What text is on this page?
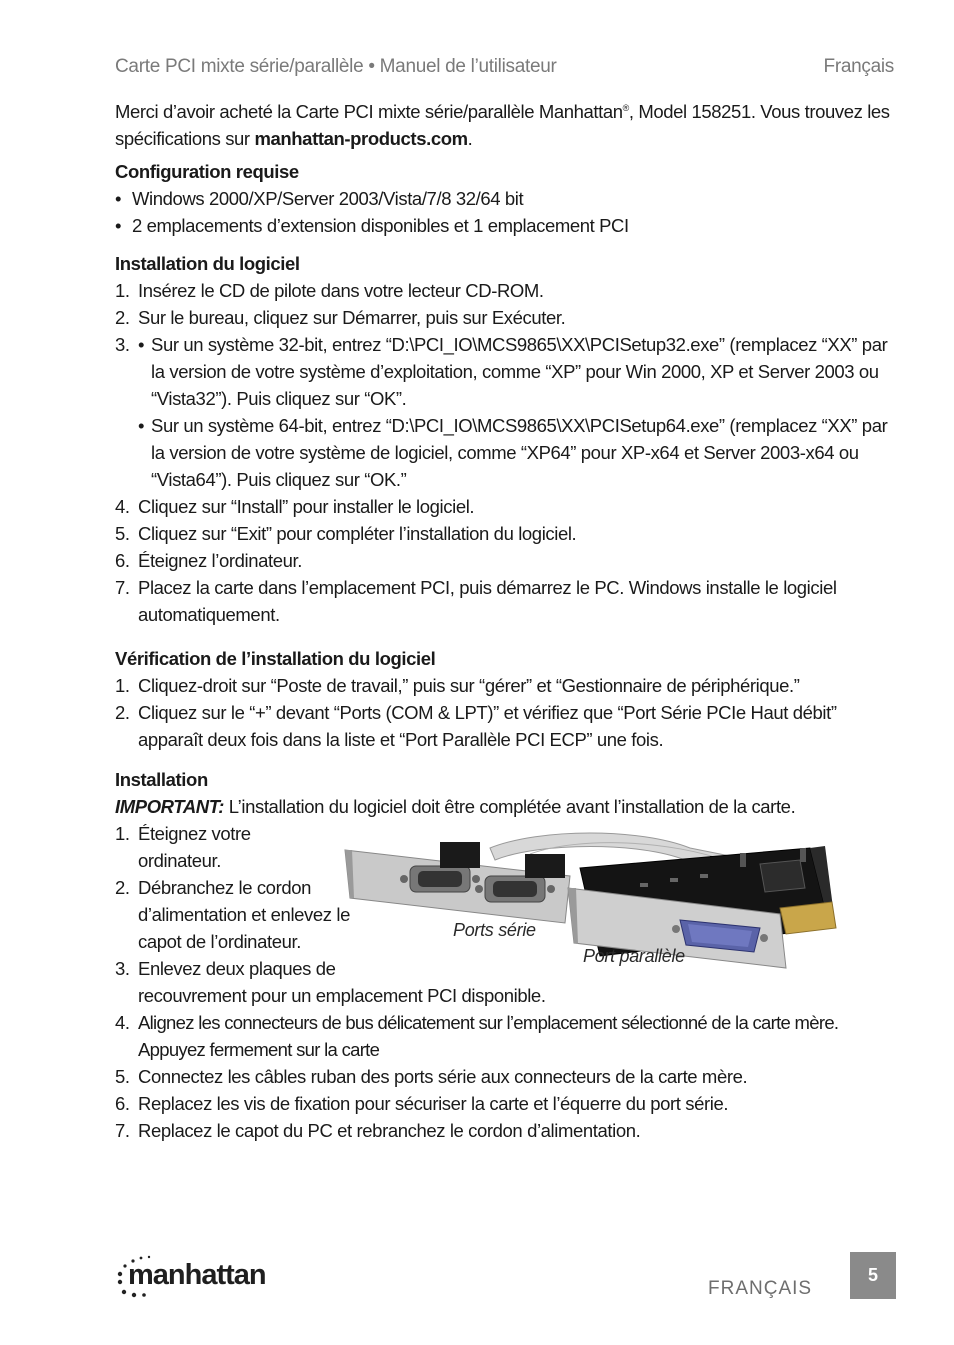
Carte PCI mixte série/parallèle • Manuel de l’utilisateur	Français
Merci d’avoir acheté la Carte PCI mixte série/parallèle Manhattan®, Model 158251. Vous trouvez les spécifications sur manhattan-products.com.
Configuration requise
• Windows 2000/XP/Server 2003/Vista/7/8 32/64 bit
• 2 emplacements d’extension disponibles et 1 emplacement PCI
Installation du logiciel
1. Insérez le CD de pilote dans votre lecteur CD-ROM.
2. Sur le bureau, cliquez sur Démarrer, puis sur Exécuter.
3. • Sur un système 32-bit, entrez “D:\PCI_IO\MCS9865\XX\PCISetup32.exe” (remplacez “XX” par la version de votre système d’exploitation, comme “XP” pour Win 2000, XP et Server 2003 ou “Vista32”). Puis cliquez sur “OK”.
• Sur un système 64-bit, entrez “D:\PCI_IO\MCS9865\XX\PCISetup64.exe” (remplacez “XX” par la version de votre système de logiciel, comme “XP64” pour XP-x64 et Server 2003-x64 ou “Vista64”). Puis cliquez sur “OK.”
4. Cliquez sur “Install” pour installer le logiciel.
5. Cliquez sur “Exit” pour compléter l’installation du logiciel.
6. Éteignez l’ordinateur.
7. Placez la carte dans l’emplacement PCI, puis démarrez le PC. Windows installe le logiciel automatiquement.
Vérification de l’installation du logiciel
1. Cliquez-droit sur “Poste de travail,” puis sur “gérer” et “Gestionnaire de périphérique.”
2. Cliquez sur le “+” devant “Ports (COM & LPT)” et vérifiez que “Port Série PCIe Haut débit” apparaît deux fois dans la liste et “Port Parallèle PCI ECP” une fois.
Installation
IMPORTANT: L’installation du logiciel doit être complétée avant l’installation de la carte.
1. Éteignez votre ordinateur.
2. Débranchez le cordon d’alimentation et enlevez le capot de l’ordinateur.
3. Enlevez deux plaques de
recouvrement pour un emplacement PCI disponible.
4. Alignez les connecteurs de bus délicatement sur l’emplacement sélectionné de la carte mère. Appuyez fermement sur la carte
5. Connectez les câbles ruban des ports série aux connecteurs de la carte mère.
6. Replacez les vis de fixation pour sécuriser la carte et l’équerre du port série.
7. Replacez le capot du PC et rebranchez le cordon d’alimentation.
Ports série
Port parallèle
manhattan	FRANÇAIS
5
